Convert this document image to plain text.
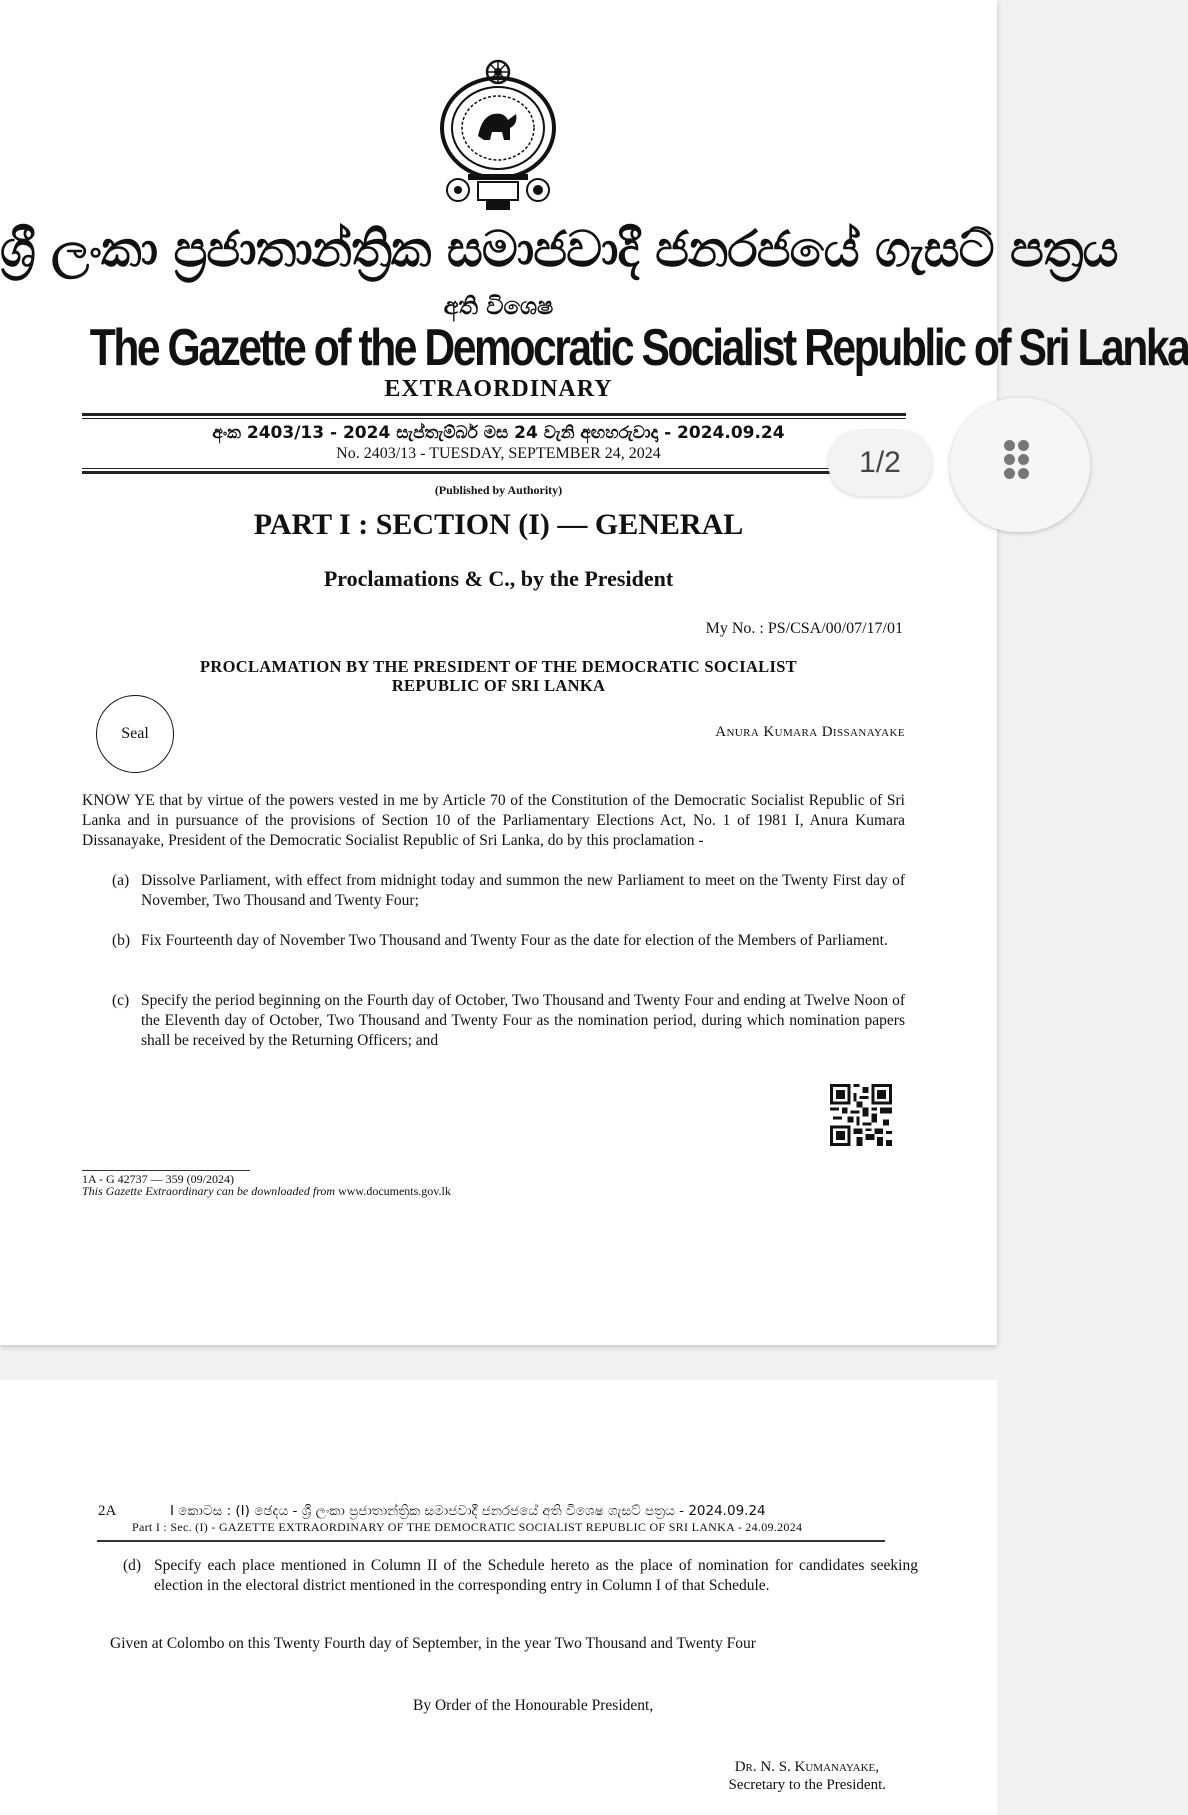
ශ්‍රී ලංකා ප්‍රජාතාන්ත්‍රික සමාජවාදී ජනරජයේ ගැසට් පත්‍රය
අති විශෙෂ
The Gazette of the Democratic Socialist Republic of Sri Lanka
EXTRAORDINARY
අංක 2403/13 - 2024 සැප්තැම්බර් මස 24 වැනි අඟහරුවාදා - 2024.09.24
No. 2403/13 - TUESDAY, SEPTEMBER 24, 2024
(Published by Authority)
PART I : SECTION (I) — GENERAL
Proclamations & C., by the President
My No. : PS/CSA/00/07/17/01
PROCLAMATION BY THE PRESIDENT OF THE DEMOCRATIC SOCIALIST
REPUBLIC OF SRI LANKA
Seal	Anura Kumara Dissanayake
KNOW YE that by virtue of the powers vested in me by Article 70 of the Constitution of the Democratic Socialist Republic of Sri Lanka and in pursuance of the provisions of Section 10 of the Parliamentary Elections Act, No. 1 of 1981 I, Anura Kumara Dissanayake, President of the Democratic Socialist Republic of Sri Lanka, do by this proclamation -
(a) Dissolve Parliament, with effect from midnight today and summon the new Parliament to meet on the Twenty First day of November, Two Thousand and Twenty Four;
(b) Fix Fourteenth day of November Two Thousand and Twenty Four as the date for election of the Members of Parliament.
(c) Specify the period beginning on the Fourth day of October, Two Thousand and Twenty Four and ending at Twelve Noon of the Eleventh day of October, Two Thousand and Twenty Four as the nomination period, during which nomination papers shall be received by the Returning Officers; and
1A - G 42737 — 359 (09/2024)
This Gazette Extraordinary can be downloaded from www.documents.gov.lk
2A	I කොටස : (I) ඡෙදය - ශ්‍රී ලංකා ප්‍රජාතාන්ත්‍රික සමාජවාදී ජනරජයේ අති විශෙෂ ගැසට් පත්‍රය - 2024.09.24
Part I : Sec. (I) - GAZETTE EXTRAORDINARY OF THE DEMOCRATIC SOCIALIST REPUBLIC OF SRI LANKA - 24.09.2024
(d) Specify each place mentioned in Column II of the Schedule hereto as the place of nomination for candidates seeking election in the electoral district mentioned in the corresponding entry in Column I of that Schedule.
Given at Colombo on this Twenty Fourth day of September, in the year Two Thousand and Twenty Four
By Order of the Honourable President,
Dr. N. S. Kumanayake,
Secretary to the President.
1/2
